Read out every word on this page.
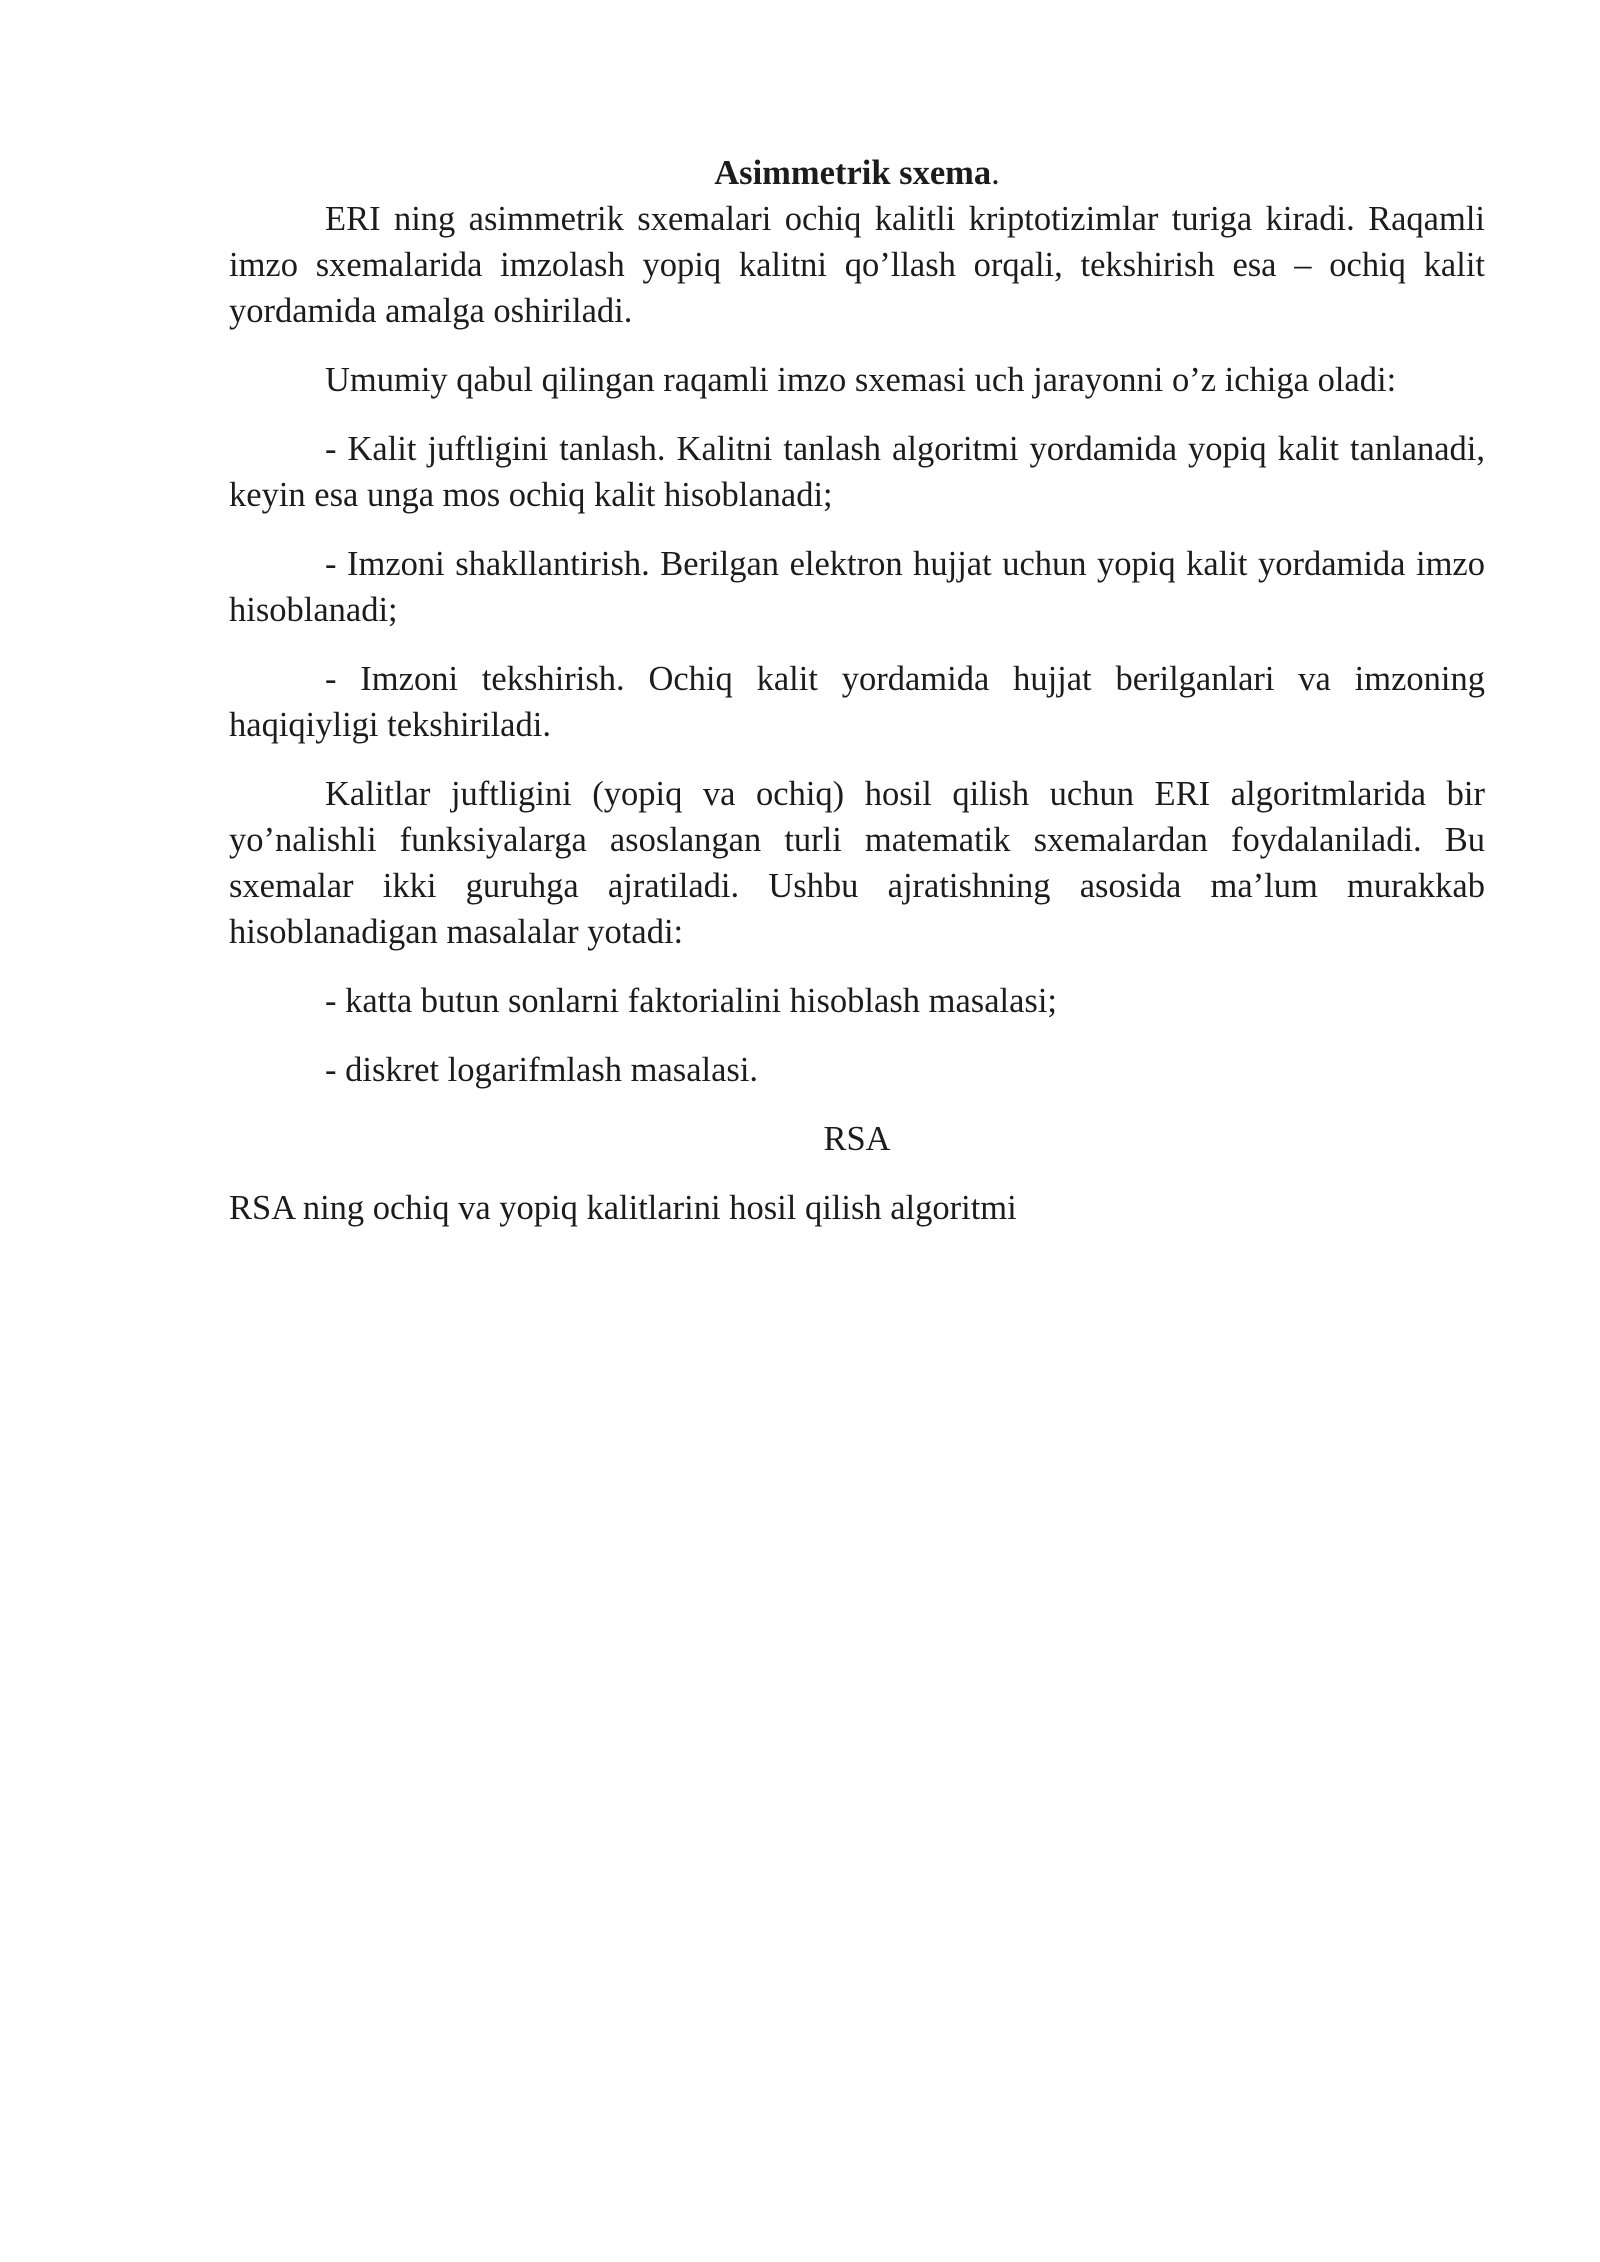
Asimmetrik sxema.

ERI ning asimmetrik sxemalari ochiq kalitli kriptotizimlar turiga kiradi. Raqamli imzo sxemalarida imzolash yopiq kalitni qo’llash orqali, tekshirish esa – ochiq kalit yordamida amalga oshiriladi.

Umumiy qabul qilingan raqamli imzo sxemasi uch jarayonni o’z ichiga oladi:

- Kalit juftligini tanlash. Kalitni tanlash algoritmi yordamida yopiq kalit tanlanadi, keyin esa unga mos ochiq kalit hisoblanadi;

- Imzoni shakllantirish. Berilgan elektron hujjat uchun yopiq kalit yordamida imzo hisoblanadi;

- Imzoni tekshirish. Ochiq kalit yordamida hujjat berilganlari va imzoning haqiqiyligi tekshiriladi.

Kalitlar juftligini (yopiq va ochiq) hosil qilish uchun ERI algoritmlarida bir yo’nalishli funksiyalarga asoslangan turli matematik sxemalardan foydalaniladi. Bu sxemalar ikki guruhga ajratiladi. Ushbu ajratishning asosida ma’lum murakkab hisoblanadigan masalalar yotadi:

- katta butun sonlarni faktorialini hisoblash masalasi;

- diskret logarifmlash masalasi.

RSA

RSA ning ochiq va yopiq kalitlarini hosil qilish algoritmi
